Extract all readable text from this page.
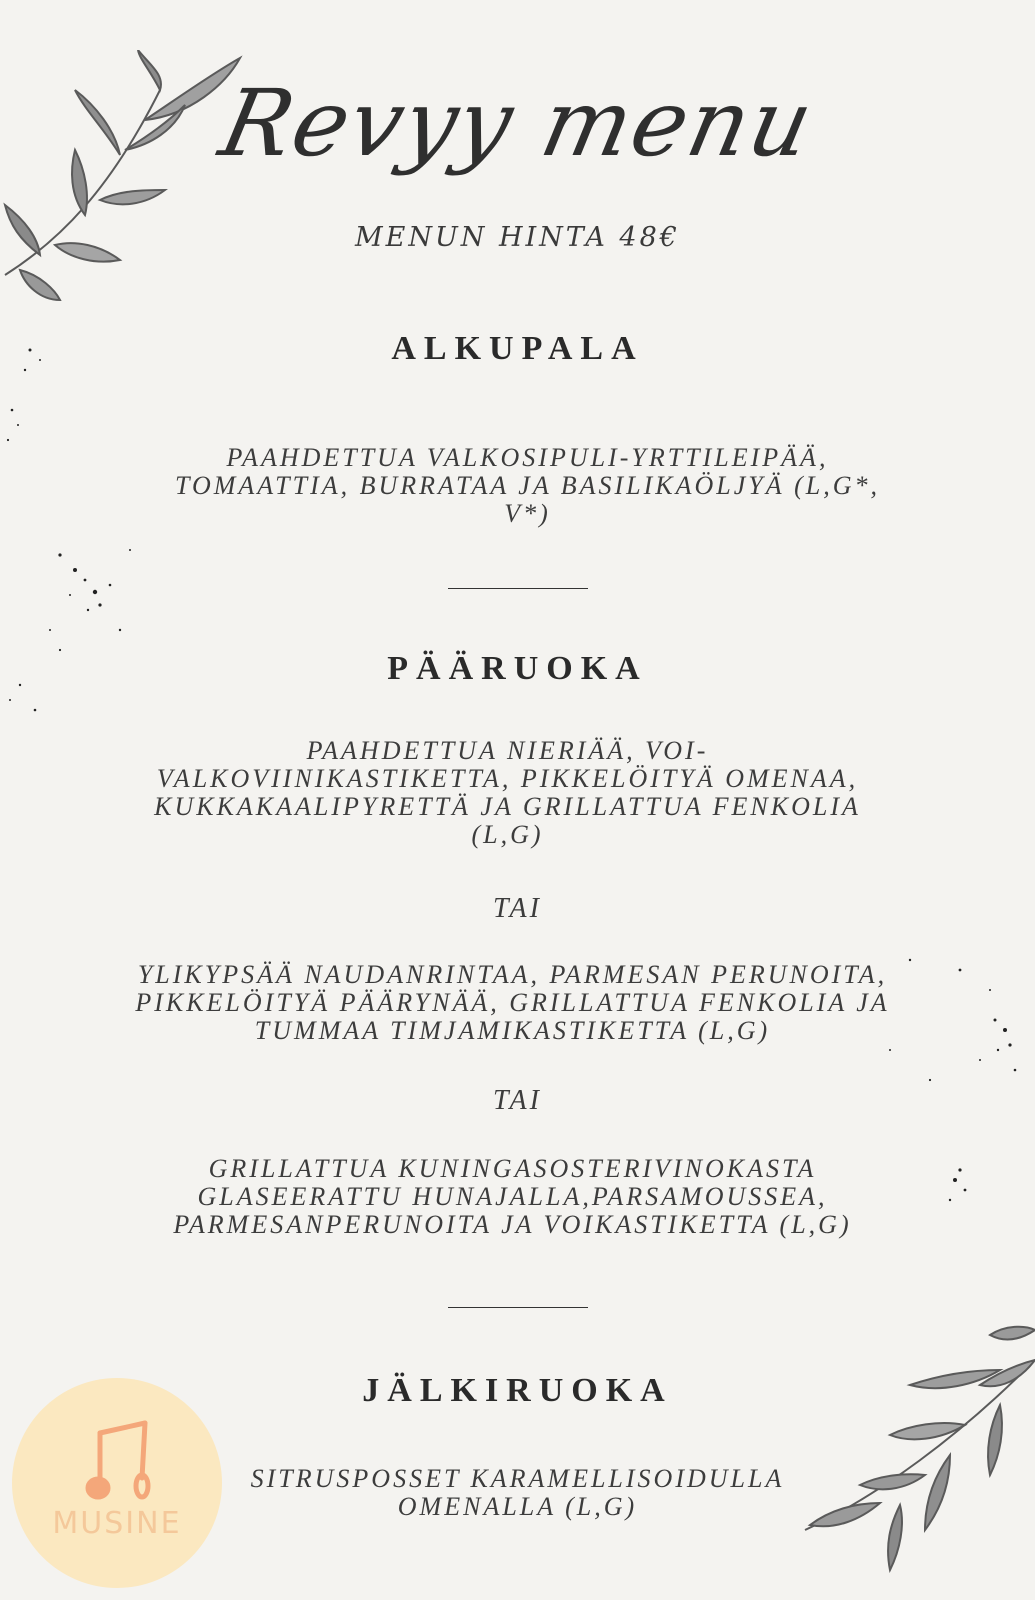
Revyy menu
MENUN HINTA 48€
ALKUPALA
PAAHDETTUA VALKOSIPULI-YRTTILEIPÄÄ, TOMAATTIA, BURRATAA JA BASILIKAÖLJYÄ (L,G*, V*)
PÄÄRUOKA
PAAHDETTUA NIERIÄÄ, VOI-VALKOVIINIKASTIKETTA, PIKKELÖITYÄ OMENAA, KUKKAKAALIPYRETTÄ JA GRILLATTUA FENKOLIA (L,G)
TAI
YLIKYPSÄÄ NAUDANRINTAA, PARMESAN PERUNOITA, PIKKELÖITYÄ PÄÄRYNÄÄ, GRILLATTUA FENKOLIA JA TUMMAA TIMJAMIKASTIKETTA (L,G)
TAI
GRILLATTUA KUNINGASOSTERIVINOKASTA GLASEERATTU HUNAJALLA,PARSAMOUSSEA, PARMESANPERUNOITA JA VOIKASTIKETTA (L,G)
JÄLKIRUOKA
SITRUSPOSSET KARAMELLISOIDULLA OMENALLA (L,G)
MUSINE
